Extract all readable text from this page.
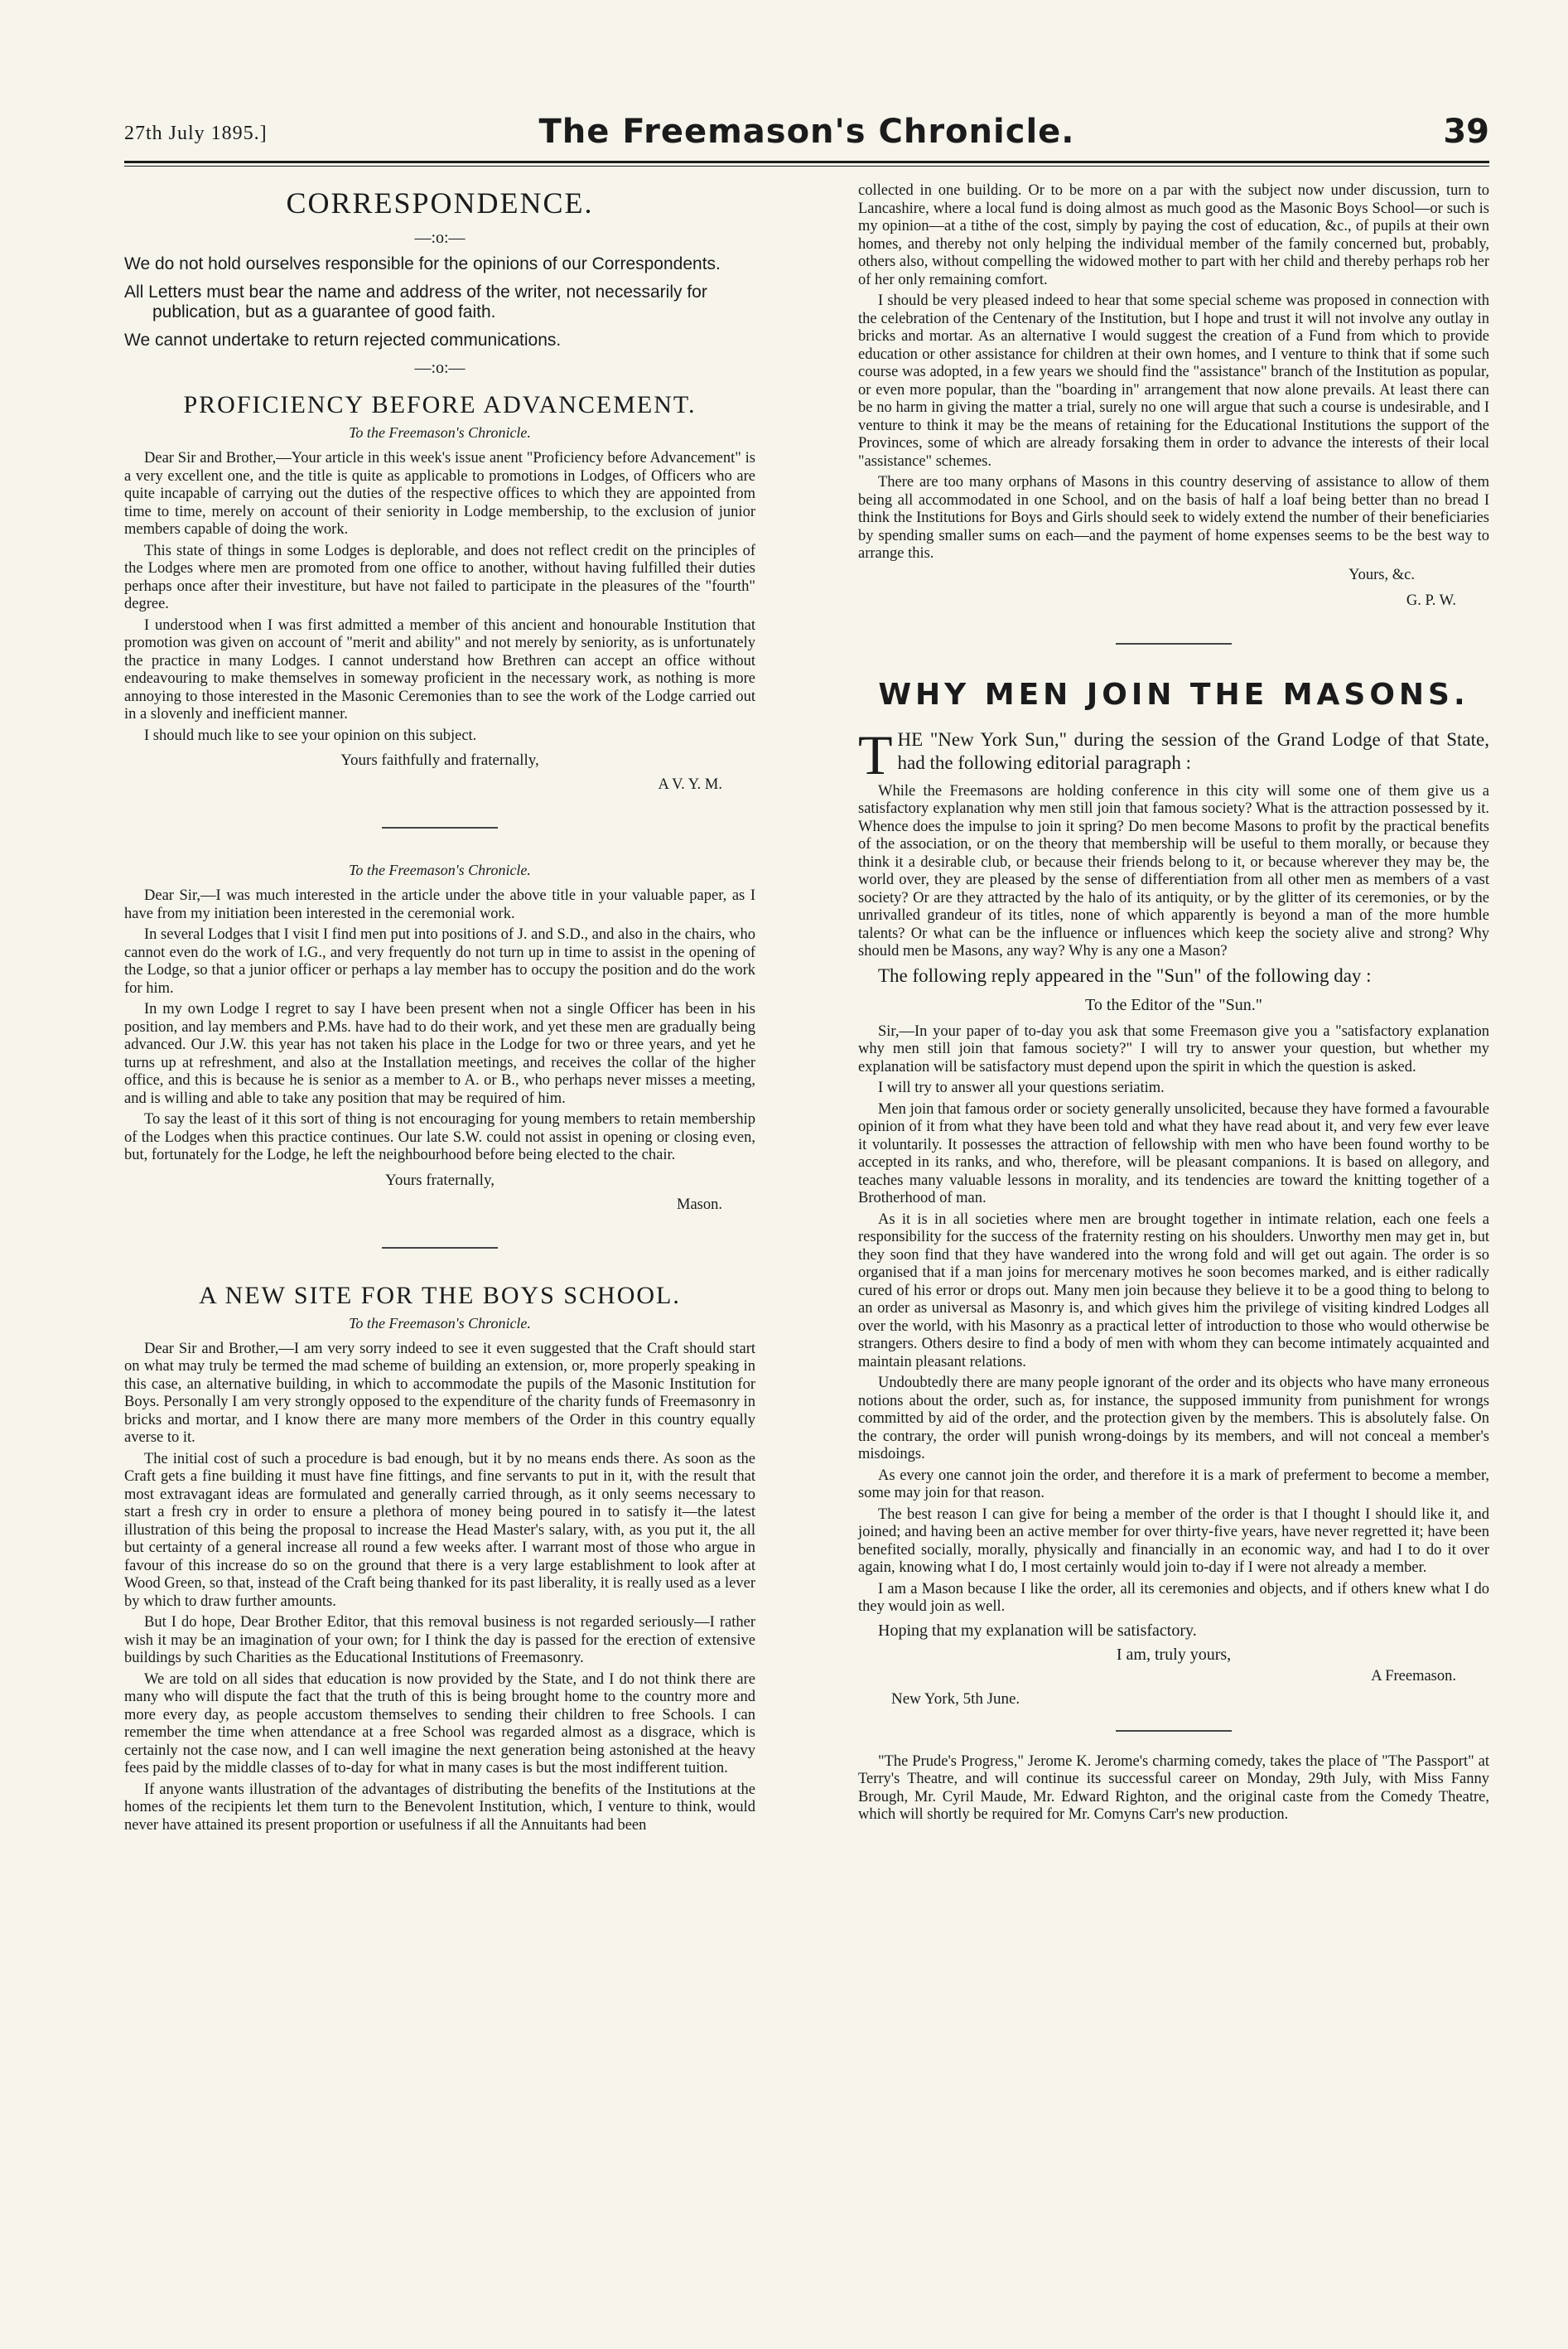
27th July 1895.]	The Freemason's Chronicle.	39
CORRESPONDENCE.
—:o:—
We do not hold ourselves responsible for the opinions of our Correspondents.
All Letters must bear the name and address of the writer, not necessarily for publication, but as a guarantee of good faith.
We cannot undertake to return rejected communications.
—:o:—
PROFICIENCY BEFORE ADVANCEMENT.
To the Freemason's Chronicle.

Dear Sir and Brother,—Your article in this week's issue anent "Proficiency before Advancement" is a very excellent one, and the title is quite as applicable to promotions in Lodges, of Officers who are quite incapable of carrying out the duties of the respective offices to which they are appointed from time to time, merely on account of their seniority in Lodge membership, to the exclusion of junior members capable of doing the work.

This state of things in some Lodges is deplorable, and does not reflect credit on the principles of the Lodges where men are promoted from one office to another, without having fulfilled their duties perhaps once after their investiture, but have not failed to participate in the pleasures of the "fourth" degree.

I understood when I was first admitted a member of this ancient and honourable Institution that promotion was given on account of "merit and ability" and not merely by seniority, as is unfortunately the practice in many Lodges. I cannot understand how Brethren can accept an office without endeavouring to make themselves in someway proficient in the necessary work, as nothing is more annoying to those interested in the Masonic Ceremonies than to see the work of the Lodge carried out in a slovenly and inefficient manner.

I should much like to see your opinion on this subject.

Yours faithfully and fraternally,
A V. Y. M.
To the Freemason's Chronicle.

Dear Sir,—I was much interested in the article under the above title in your valuable paper, as I have from my initiation been interested in the ceremonial work.

In several Lodges that I visit I find men put into positions of J. and S.D., and also in the chairs, who cannot even do the work of I.G., and very frequently do not turn up in time to assist in the opening of the Lodge, so that a junior officer or perhaps a lay member has to occupy the position and do the work for him.

In my own Lodge I regret to say I have been present when not a single Officer has been in his position, and lay members and P.Ms. have had to do their work, and yet these men are gradually being advanced. Our J.W. this year has not taken his place in the Lodge for two or three years, and yet he turns up at refreshment, and also at the Installation meetings, and receives the collar of the higher office, and this is because he is senior as a member to A. or B., who perhaps never misses a meeting, and is willing and able to take any position that may be required of him.

To say the least of it this sort of thing is not encouraging for young members to retain membership of the Lodges when this practice continues. Our late S.W. could not assist in opening or closing even, but, fortunately for the Lodge, he left the neighbourhood before being elected to the chair.

Yours fraternally,
Mason.
A NEW SITE FOR THE BOYS SCHOOL.
To the Freemason's Chronicle.

Dear Sir and Brother,—I am very sorry indeed to see it even suggested that the Craft should start on what may truly be termed the mad scheme of building an extension, or, more properly speaking in this case, an alternative building, in which to accommodate the pupils of the Masonic Institution for Boys. Personally I am very strongly opposed to the expenditure of the charity funds of Freemasonry in bricks and mortar, and I know there are many more members of the Order in this country equally averse to it.

The initial cost of such a procedure is bad enough, but it by no means ends there. As soon as the Craft gets a fine building it must have fine fittings, and fine servants to put in it, with the result that most extravagant ideas are formulated and generally carried through, as it only seems necessary to start a fresh cry in order to ensure a plethora of money being poured in to satisfy it—the latest illustration of this being the proposal to increase the Head Master's salary, with, as you put it, the all but certainty of a general increase all round a few weeks after. I warrant most of those who argue in favour of this increase do so on the ground that there is a very large establishment to look after at Wood Green, so that, instead of the Craft being thanked for its past liberality, it is really used as a lever by which to draw further amounts.

But I do hope, Dear Brother Editor, that this removal business is not regarded seriously—I rather wish it may be an imagination of your own; for I think the day is passed for the erection of extensive buildings by such Charities as the Educational Institutions of Freemasonry.

We are told on all sides that education is now provided by the State, and I do not think there are many who will dispute the fact that the truth of this is being brought home to the country more and more every day, as people accustom themselves to sending their children to free Schools. I can remember the time when attendance at a free School was regarded almost as a disgrace, which is certainly not the case now, and I can well imagine the next generation being astonished at the heavy fees paid by the middle classes of to-day for what in many cases is but the most indifferent tuition.

If anyone wants illustration of the advantages of distributing the benefits of the Institutions at the homes of the recipients let them turn to the Benevolent Institution, which, I venture to think, would never have attained its present proportion or usefulness if all the Annuitants had been

collected in one building. Or to be more on a par with the subject now under discussion, turn to Lancashire, where a local fund is doing almost as much good as the Masonic Boys School—or such is my opinion—at a tithe of the cost, simply by paying the cost of education, &c., of pupils at their own homes, and thereby not only helping the individual member of the family concerned but, probably, others also, without compelling the widowed mother to part with her child and thereby perhaps rob her of her only remaining comfort.

I should be very pleased indeed to hear that some special scheme was proposed in connection with the celebration of the Centenary of the Institution, but I hope and trust it will not involve any outlay in bricks and mortar. As an alternative I would suggest the creation of a Fund from which to provide education or other assistance for children at their own homes, and I venture to think that if some such course was adopted, in a few years we should find the "assistance" branch of the Institution as popular, or even more popular, than the "boarding in" arrangement that now alone prevails. At least there can be no harm in giving the matter a trial, surely no one will argue that such a course is undesirable, and I venture to think it may be the means of retaining for the Educational Institutions the support of the Provinces, some of which are already forsaking them in order to advance the interests of their local "assistance" schemes.

There are too many orphans of Masons in this country deserving of assistance to allow of them being all accommodated in one School, and on the basis of half a loaf being better than no bread I think the Institutions for Boys and Girls should seek to widely extend the number of their beneficiaries by spending smaller sums on each—and the payment of home expenses seems to be the best way to arrange this.

Yours, &c.
G. P. W.
WHY MEN JOIN THE MASONS.

THE "New York Sun," during the session of the Grand Lodge of that State, had the following editorial paragraph :

While the Freemasons are holding conference in this city will some one of them give us a satisfactory explanation why men still join that famous society? What is the attraction possessed by it. Whence does the impulse to join it spring? Do men become Masons to profit by the practical benefits of the association, or on the theory that membership will be useful to them morally, or because they think it a desirable club, or because their friends belong to it, or because wherever they may be, the world over, they are pleased by the sense of differentiation from all other men as members of a vast society? Or are they attracted by the halo of its antiquity, or by the glitter of its ceremonies, or by the unrivalled grandeur of its titles, none of which apparently is beyond a man of the more humble talents? Or what can be the influence or influences which keep the society alive and strong? Why should men be Masons, any way? Why is any one a Mason?

The following reply appeared in the "Sun" of the following day :

To the Editor of the "Sun."

Sir,—In your paper of to-day you ask that some Freemason give you a "satisfactory explanation why men still join that famous society?" I will try to answer your question, but whether my explanation will be satisfactory must depend upon the spirit in which the question is asked.

I will try to answer all your questions seriatim.

Men join that famous order or society generally unsolicited, because they have formed a favourable opinion of it from what they have been told and what they have read about it, and very few ever leave it voluntarily. It possesses the attraction of fellowship with men who have been found worthy to be accepted in its ranks, and who, therefore, will be pleasant companions. It is based on allegory, and teaches many valuable lessons in morality, and its tendencies are toward the knitting together of a Brotherhood of man.

As it is in all societies where men are brought together in intimate relation, each one feels a responsibility for the success of the fraternity resting on his shoulders. Unworthy men may get in, but they soon find that they have wandered into the wrong fold and will get out again. The order is so organised that if a man joins for mercenary motives he soon becomes marked, and is either radically cured of his error or drops out. Many men join because they believe it to be a good thing to belong to an order as universal as Masonry is, and which gives him the privilege of visiting kindred Lodges all over the world, with his Masonry as a practical letter of introduction to those who would otherwise be strangers. Others desire to find a body of men with whom they can become intimately acquainted and maintain pleasant relations.

Undoubtedly there are many people ignorant of the order and its objects who have many erroneous notions about the order, such as, for instance, the supposed immunity from punishment for wrongs committed by aid of the order, and the protection given by the members. This is absolutely false. On the contrary, the order will punish wrong-doings by its members, and will not conceal a member's misdoings.

As every one cannot join the order, and therefore it is a mark of preferment to become a member, some may join for that reason.

The best reason I can give for being a member of the order is that I thought I should like it, and joined; and having been an active member for over thirty-five years, have never regretted it; have been benefited socially, morally, physically and financially in an economic way, and had I to do it over again, knowing what I do, I most certainly would join to-day if I were not already a member.

I am a Mason because I like the order, all its ceremonies and objects, and if others knew what I do they would join as well.

Hoping that my explanation will be satisfactory.
I am, truly yours,
A Freemason.
New York, 5th June.

"The Prude's Progress," Jerome K. Jerome's charming comedy, takes the place of "The Passport" at Terry's Theatre, and will continue its successful career on Monday, 29th July, with Miss Fanny Brough, Mr. Cyril Maude, Mr. Edward Righton, and the original caste from the Comedy Theatre, which will shortly be required for Mr. Comyns Carr's new production.
